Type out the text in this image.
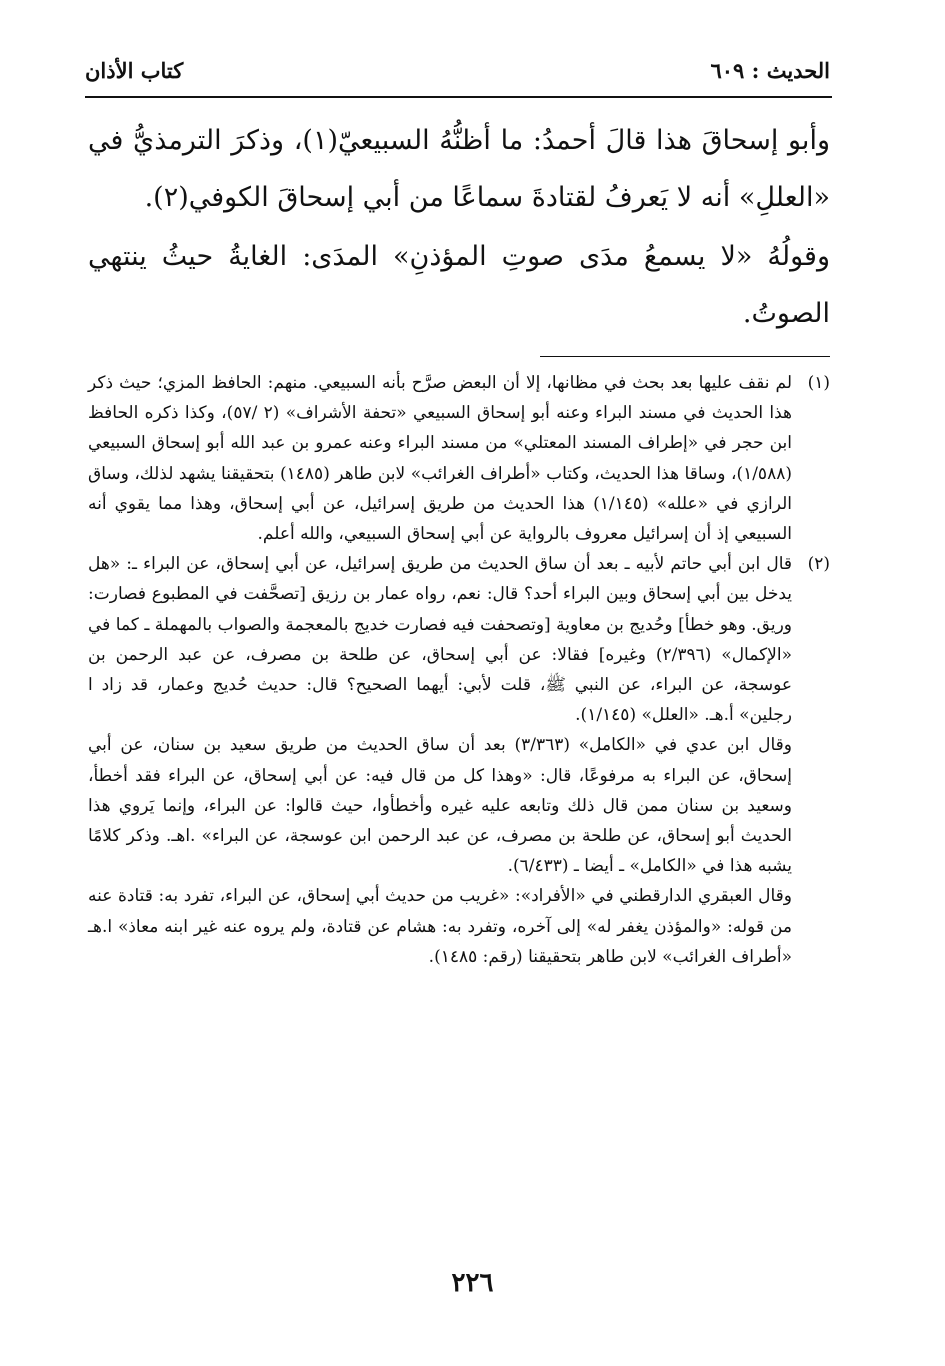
الحديث : ٦٠٩
كتاب الأذان

وأبو إسحاقَ هذا قالَ أحمدُ: ما أظنُّهُ السبيعيّ(١)، وذكرَ الترمذيُّ في «العللِ» أنه لا يَعرفُ لقتادةَ سماعًا من أبي إسحاقَ الكوفي(٢).

وقولُهُ «لا يسمعُ مدَى صوتِ المؤذنِ» المدَى: الغايةُ حيثُ ينتهي الصوتُ.

(١)

لم نقف عليها بعد بحث في مظانها، إلا أن البعض صرَّح بأنه السبيعي. منهم: الحافظ المزي؛ حيث ذكر هذا الحديث في مسند البراء وعنه أبو إسحاق السبيعي «تحفة الأشراف» (٢ /٥٧)، وكذا ذكره الحافظ ابن حجر في «إطراف المسند المعتلي» من مسند البراء وعنه عمرو بن عبد الله أبو إسحاق السبيعي (١/٥٨٨)، وساقا هذا الحديث، وكتاب «أطراف الغرائب» لابن طاهر (١٤٨٥) بتحقيقنا يشهد لذلك، وساق الرازي في «علله» (١/١٤٥) هذا الحديث من طريق إسرائيل، عن أبي إسحاق، وهذا مما يقوي أنه السبيعي إذ أن إسرائيل معروف بالرواية عن أبي إسحاق السبيعي، والله أعلم.

(٢)

قال ابن أبي حاتم لأبيه ـ بعد أن ساق الحديث من طريق إسرائيل، عن أبي إسحاق، عن البراء ـ: «هل يدخل بين أبي إسحاق وبين البراء أحد؟ قال: نعم، رواه عمار بن رزيق [تصحَّفت في المطبوع فصارت: وريق. وهو خطأ] وحُديج بن معاوية [وتصحفت فيه فصارت خديج بالمعجمة والصواب بالمهملة ـ كما في «الإكمال» (٢/٣٩٦) وغيره] فقالا: عن أبي إسحاق، عن طلحة بن مصرف، عن عبد الرحمن بن عوسجة، عن البراء، عن النبي ﷺ، قلت لأبي: أيهما الصحيح؟ قال: حديث حُديج وعمار، قد زاد ا رجلين» أ.هـ. «العلل» (١/١٤٥).

وقال ابن عدي في «الكامل» (٣/٣٦٣) بعد أن ساق الحديث من طريق سعيد بن سنان، عن أبي إسحاق، عن البراء به مرفوعًا، قال: «وهذا كل من قال فيه: عن أبي إسحاق، عن البراء فقد أخطأ، وسعيد بن سنان ممن قال ذلك وتابعه عليه غيره وأخطأوا، حيث قالوا: عن البراء، وإنما يَروي هذا الحديث أبو إسحاق، عن طلحة بن مصرف، عن عبد الرحمن ابن عوسجة، عن البراء» .اهـ. وذكر كلامًا يشبه هذا في «الكامل» ـ أيضا ـ (٦/٤٣٣).

وقال العبقري الدارقطني في «الأفراد»: «غريب من حديث أبي إسحاق، عن البراء، تفرد به: قتادة عنه من قوله: «والمؤذن يغفر له» إلى آخره، وتفرد به: هشام عن قتادة، ولم يروه عنه غير ابنه معاذ» ا.هـ «أطراف الغرائب» لابن طاهر بتحقيقنا (رقم: ١٤٨٥).

٢٢٦
